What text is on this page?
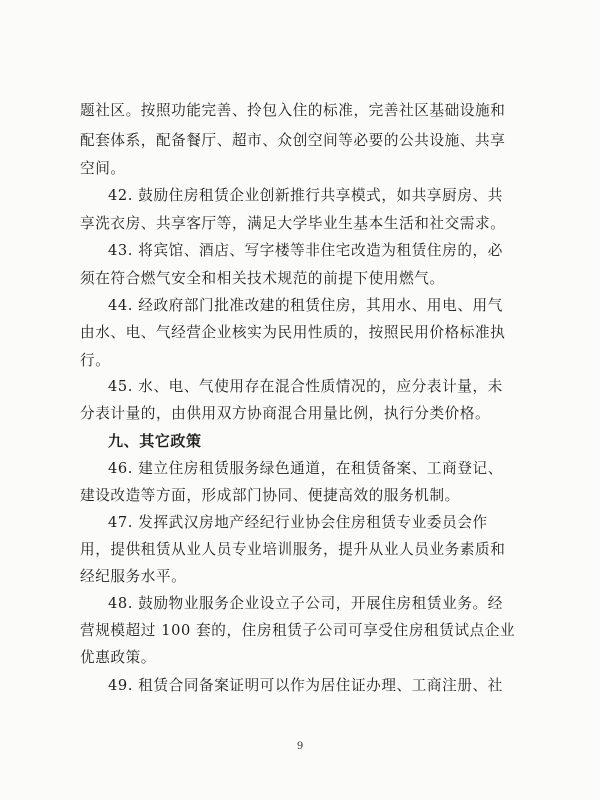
题社区。按照功能完善、拎包入住的标准，完善社区基础设施和
配套体系，配备餐厅、超市、众创空间等必要的公共设施、共享
空间。
42. 鼓励住房租赁企业创新推行共享模式，如共享厨房、共
享洗衣房、共享客厅等，满足大学毕业生基本生活和社交需求。
43. 将宾馆、酒店、写字楼等非住宅改造为租赁住房的，必
须在符合燃气安全和相关技术规范的前提下使用燃气。
44. 经政府部门批准改建的租赁住房，其用水、用电、用气
由水、电、气经营企业核实为民用性质的，按照民用价格标准执
行。
45. 水、电、气使用存在混合性质情况的，应分表计量，未
分表计量的，由供用双方协商混合用量比例，执行分类价格。
九、其它政策
46. 建立住房租赁服务绿色通道，在租赁备案、工商登记、
建设改造等方面，形成部门协同、便捷高效的服务机制。
47. 发挥武汉房地产经纪行业协会住房租赁专业委员会作
用，提供租赁从业人员专业培训服务，提升从业人员业务素质和
经纪服务水平。
48. 鼓励物业服务企业设立子公司，开展住房租赁业务。经
营规模超过 100 套的，住房租赁子公司可享受住房租赁试点企业
优惠政策。
49. 租赁合同备案证明可以作为居住证办理、工商注册、社
9
